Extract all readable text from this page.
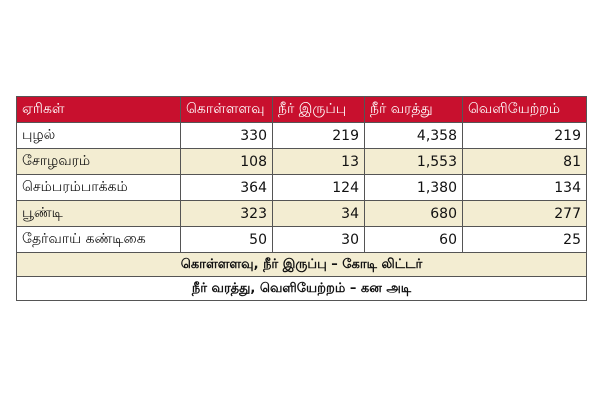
ஏரிகள்	கொள்ளளவு	நீர் இருப்பு	நீர் வரத்து	வெளியேற்றம்
புழல்	330	219	4,358	219
சோழவரம்	108	13	1,553	81
செம்பரம்பாக்கம்	364	124	1,380	134
பூண்டி	323	34	680	277
தேர்வாய் கண்டிகை	50	30	60	25
கொள்ளளவு, நீர் இருப்பு – கோடி லிட்டர்				
நீர் வரத்து, வெளியேற்றம் – கன அடி				
